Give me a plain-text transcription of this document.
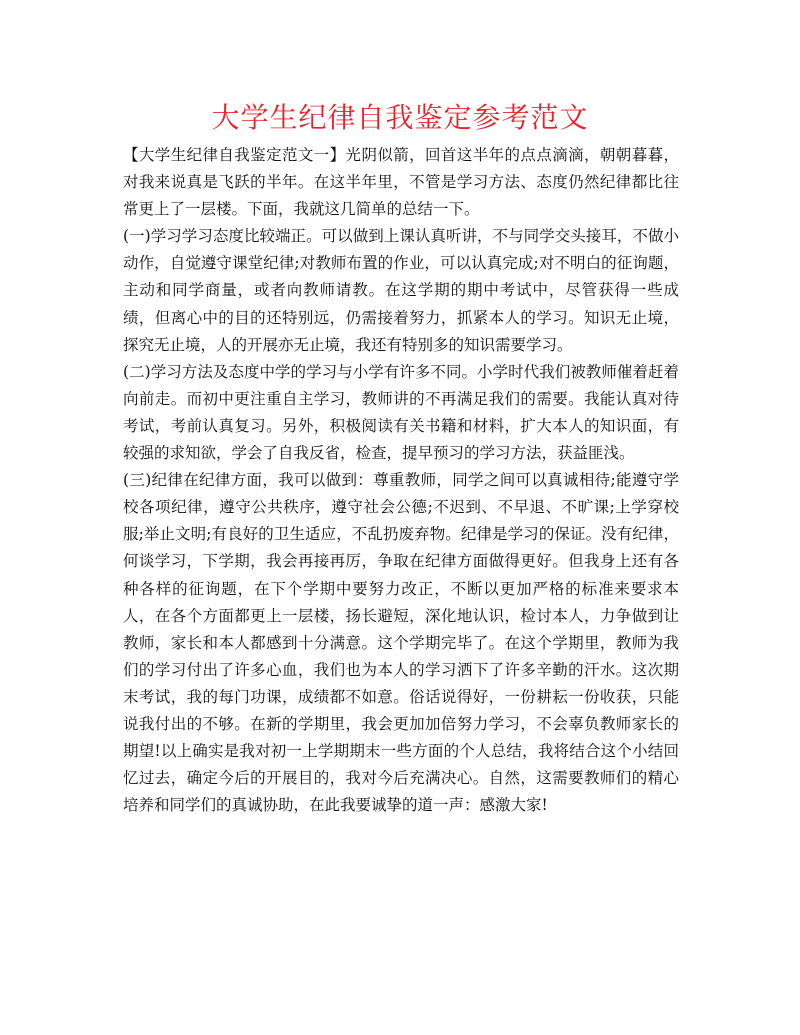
大学生纪律自我鉴定参考范文

【大学生纪律自我鉴定范文一】光阴似箭，回首这半年的点点滴滴，朝朝暮暮，对我来说真是飞跃的半年。在这半年里，不管是学习方法、态度仍然纪律都比往常更上了一层楼。下面，我就这几简单的总结一下。

(一)学习学习态度比较端正。可以做到上课认真听讲，不与同学交头接耳，不做小动作，自觉遵守课堂纪律;对教师布置的作业，可以认真完成;对不明白的征询题，主动和同学商量，或者向教师请教。在这学期的期中考试中，尽管获得一些成绩，但离心中的目的还特别远，仍需接着努力，抓紧本人的学习。知识无止境，探究无止境，人的开展亦无止境，我还有特别多的知识需要学习。

(二)学习方法及态度中学的学习与小学有许多不同。小学时代我们被教师催着赶着向前走。而初中更注重自主学习，教师讲的不再满足我们的需要。我能认真对待考试，考前认真复习。另外，积极阅读有关书籍和材料，扩大本人的知识面，有较强的求知欲，学会了自我反省，检查，提早预习的学习方法，获益匪浅。

(三)纪律在纪律方面，我可以做到：尊重教师，同学之间可以真诚相待;能遵守学校各项纪律，遵守公共秩序，遵守社会公德;不迟到、不早退、不旷课;上学穿校服;举止文明;有良好的卫生适应，不乱扔废弃物。纪律是学习的保证。没有纪律，何谈学习，下学期，我会再接再厉，争取在纪律方面做得更好。但我身上还有各种各样的征询题，在下个学期中要努力改正，不断以更加严格的标准来要求本人，在各个方面都更上一层楼，扬长避短，深化地认识，检讨本人，力争做到让教师，家长和本人都感到十分满意。这个学期完毕了。在这个学期里，教师为我们的学习付出了许多心血，我们也为本人的学习洒下了许多辛勤的汗水。这次期末考试，我的每门功课，成绩都不如意。俗话说得好，一份耕耘一份收获，只能说我付出的不够。在新的学期里，我会更加加倍努力学习，不会辜负教师家长的期望!以上确实是我对初一上学期期末一些方面的个人总结，我将结合这个小结回忆过去，确定今后的开展目的，我对今后充满决心。自然，这需要教师们的精心培养和同学们的真诚协助，在此我要诚挚的道一声：感激大家!
